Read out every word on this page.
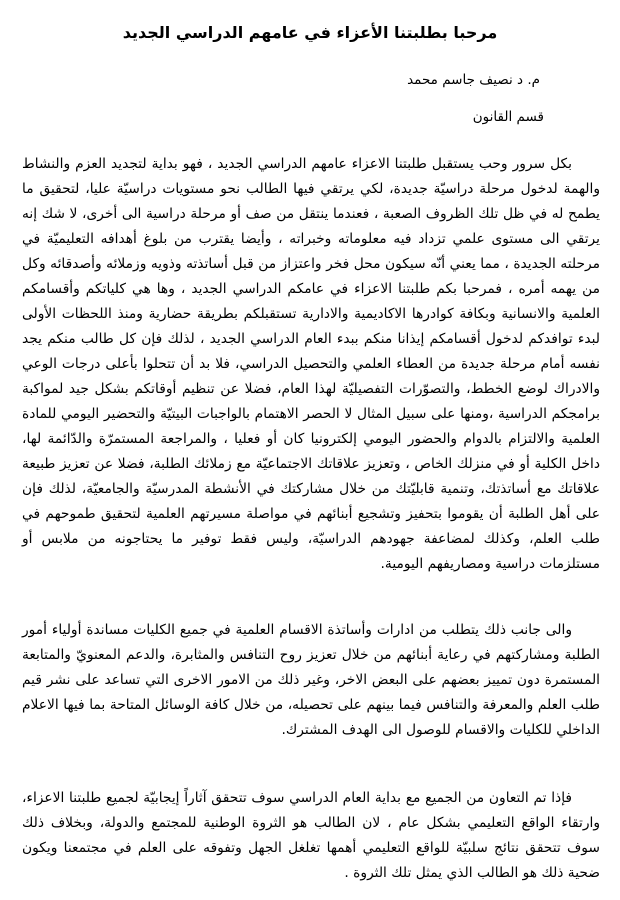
مرحبا بطلبتنا الأعزاء في عامهم الدراسي الجديد

م. د نصيف جاسم محمد

قسم القانون

بكل سرور وحب يستقبل طلبتنا الاعزاء عامهم الدراسي الجديد ، فهو بداية لتجديد العزم والنشاط والهمة لدخول مرحلة دراسيّة جديدة، لكي يرتقي فيها الطالب نحو مستويات دراسيّة عليا، لتحقيق ما يطمح له في ظل تلك الظروف الصعبة ، فعندما ينتقل من صف أو مرحلة دراسية الى أخرى، لا شك إنه يرتقي الى مستوى علمي تزداد فيه معلوماته وخبراته ، وأيضا يقترب من بلوغ أهدافه التعليميّة في مرحلته الجديدة ، مما يعني أنّه سيكون محل فخر واعتزاز من قبل أساتذته وذويه وزملائه وأصدقائه وكل من يهمه أمره ، فمرحبا بكم طلبتنا الاعزاء في عامكم الدراسي الجديد ، وها هي كلياتكم وأقسامكم العلمية والانسانية وبكافة كوادرها الاكاديمية والادارية تستقبلكم بطريقة حضارية ومنذ اللحظات الأولى لبدء توافدكم لدخول أقسامكم إيذانا منكم ببدء العام الدراسي الجديد ، لذلك فإن كل طالب منكم يجد نفسه أمام مرحلة جديدة من العطاء العلمي والتحصيل الدراسي، فلا بد أن تتحلوا بأعلى درجات الوعي والادراك لوضع الخطط، والتصوّرات التفصيليّة لهذا العام، فضلا عن تنظيم أوقاتكم بشكل جيد لمواكبة برامجكم الدراسية ،ومنها على سبيل المثال لا الحصر الاهتمام بالواجبات البيتيّة والتحضير اليومي للمادة العلمية والالتزام بالدوام والحضور اليومي إلكترونيا كان أو فعليا ، والمراجعة المستمرّة والدّائمة لها، داخل الكلية أو في منزلك الخاص ، وتعزيز علاقاتك الاجتماعيّة مع زملائك الطلبة، فضلا عن تعزيز طبيعة علاقاتك مع أساتذتك، وتنمية قابليّتك من خلال مشاركتك في الأنشطة المدرسيّة والجامعيّة، لذلك فإن على أهل الطلبة أن يقوموا بتحفيز وتشجيع أبنائهم في مواصلة مسيرتهم العلمية لتحقيق طموحهم في طلب العلم، وكذلك لمضاعفة جهودهم الدراسيّة، وليس فقط توفير ما يحتاجونه من ملابس أو مستلزمات دراسية ومصاريفهم اليومية.

والى جانب ذلك يتطلب من ادارات وأساتذة الاقسام العلمية في جميع الكليات مساندة أولياء أمور الطلبة ومشاركتهم في رعاية أبنائهم من خلال تعزيز روح التنافس والمثابرة، والدعم المعنويّ والمتابعة المستمرة دون تمييز بعضهم على البعض الاخر، وغير ذلك من الامور الاخرى التي تساعد على نشر قيم طلب العلم والمعرفة والتنافس فيما بينهم على تحصيله، من خلال كافة الوسائل المتاحة بما فيها الاعلام الداخلي للكليات والاقسام للوصول الى الهدف المشترك.

فإذا تم التعاون من الجميع مع بداية العام الدراسي سوف تتحقق آثاراً إيجابيّة لجميع طلبتنا الاعزاء، وارتقاء الواقع التعليمي بشكل عام ، لان الطالب هو الثروة الوطنية للمجتمع والدولة، وبخلاف ذلك سوف تتحقق نتائج سلبيّة للواقع التعليمي أهمها تغلغل الجهل وتفوقه على العلم في مجتمعنا ويكون ضحية ذلك هو الطالب الذي يمثل تلك الثروة .
